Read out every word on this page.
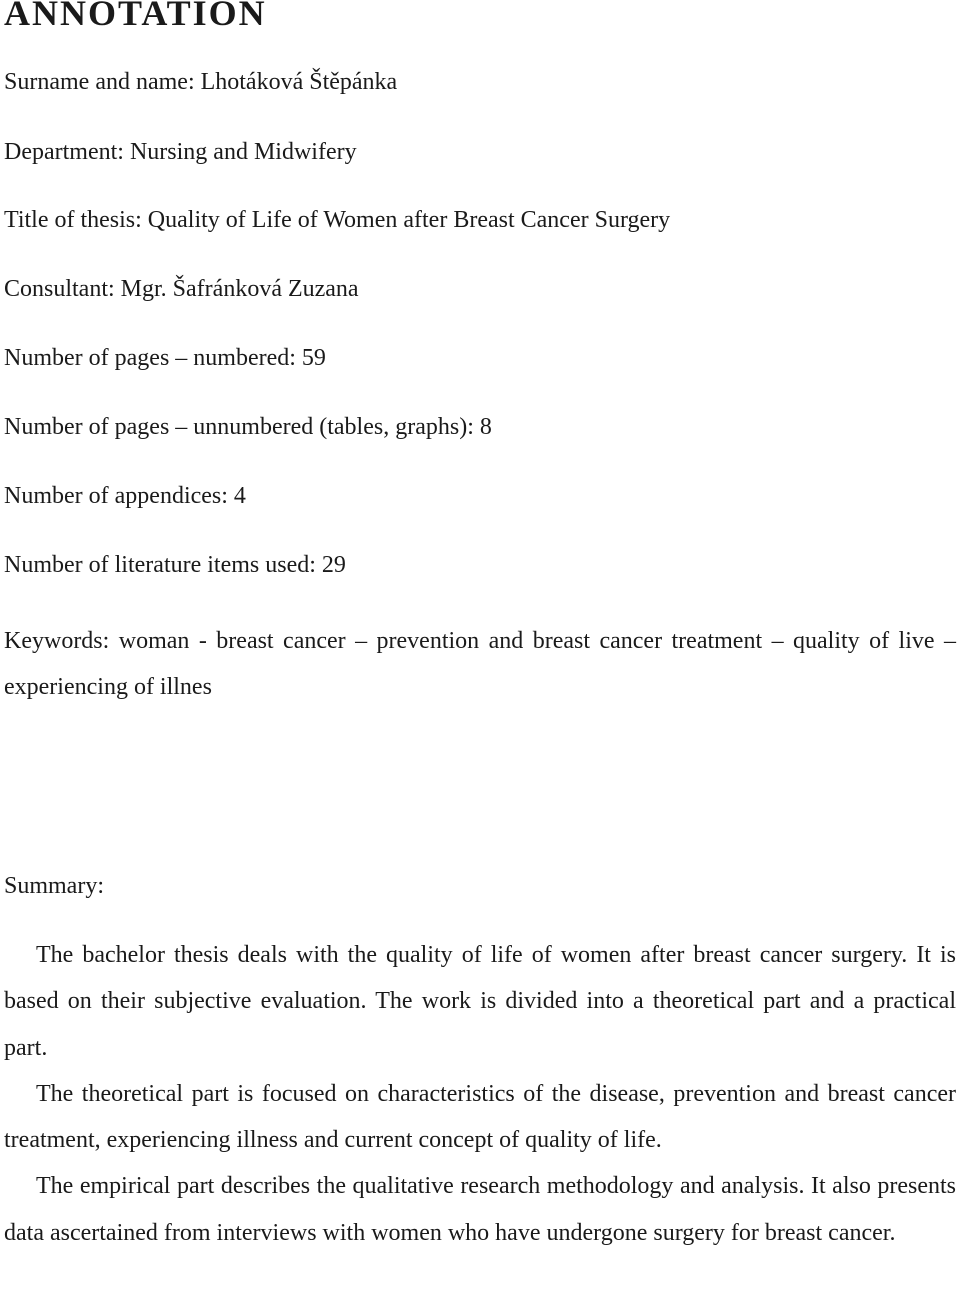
ANNOTATION
Surname and name: Lhotáková Štěpánka
Department: Nursing and Midwifery
Title of thesis: Quality of Life of Women after Breast Cancer Surgery
Consultant: Mgr. Šafránková Zuzana
Number of pages – numbered: 59
Number of pages – unnumbered (tables, graphs): 8
Number of appendices: 4
Number of literature items used: 29
Keywords: woman - breast cancer – prevention and breast cancer treatment – quality of live – experiencing of illnes
Summary:

The bachelor thesis deals with the quality of life of women after breast cancer surgery. It is based on their subjective evaluation. The work is divided into a theoretical part and a practical part.

The theoretical part is focused on characteristics of the disease, prevention and breast cancer treatment, experiencing illness and current concept of quality of life.

The empirical part describes the qualitative research methodology and analysis. It also presents data ascertained from interviews with women who have undergone surgery for breast cancer.
